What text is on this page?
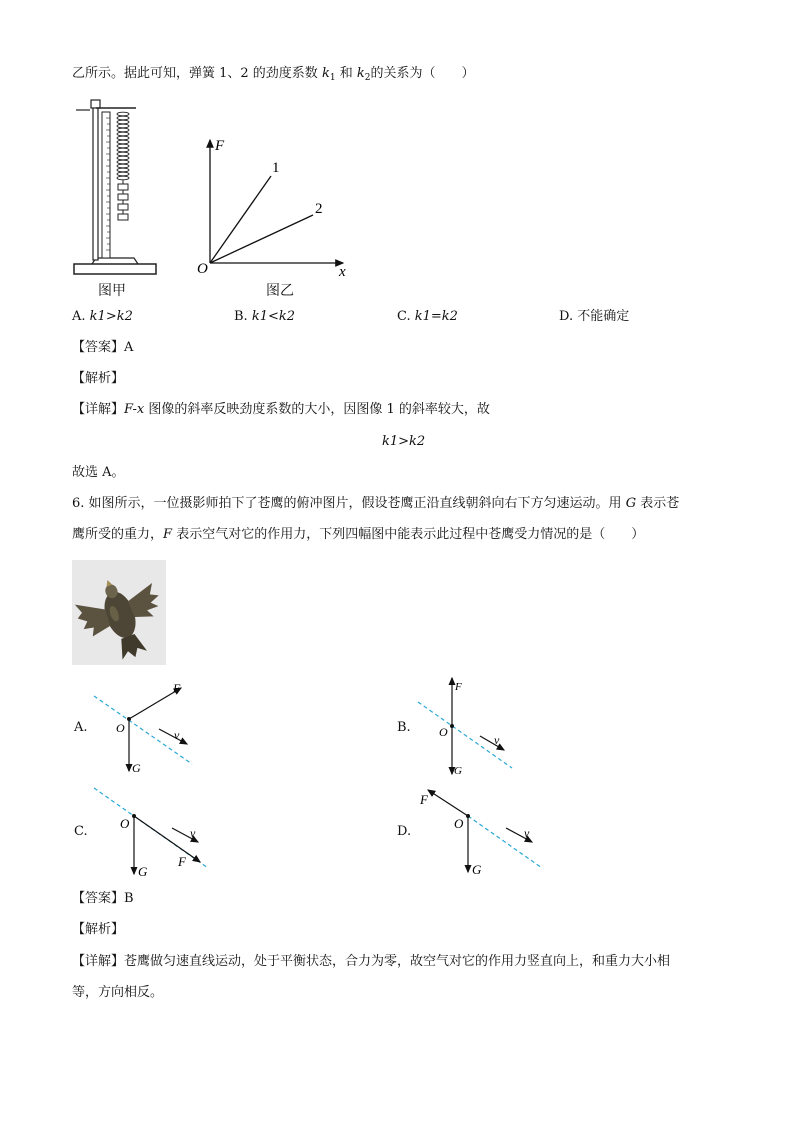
乙所示。据此可知，弹簧 1、2 的劲度系数 $k_1$ 和 $k_2$的关系为（　　）
图甲
F
x
O
1
2
图乙
A. k1>k2	B. k1<k2	C. k1=k2	D. 不能确定
【答案】A
【解析】
【详解】F-x 图像的斜率反映劲度系数的大小，因图像 1 的斜率较大，故
k1>k2
故选 A。
6. 如图所示，一位摄影师拍下了苍鹰的俯冲图片，假设苍鹰正沿直线朝斜向右下方匀速运动。用 G 表示苍
鹰所受的重力，F 表示空气对它的作用力，下列四幅图中能表示此过程中苍鹰受力情况的是（　　）
A.
F
O	v
G
B.
F
O
v
G
C.
O
v
F
G
D.
F
O
v
G
【答案】B
【解析】
【详解】苍鹰做匀速直线运动，处于平衡状态，合力为零，故空气对它的作用力竖直向上，和重力大小相
等，方向相反。
